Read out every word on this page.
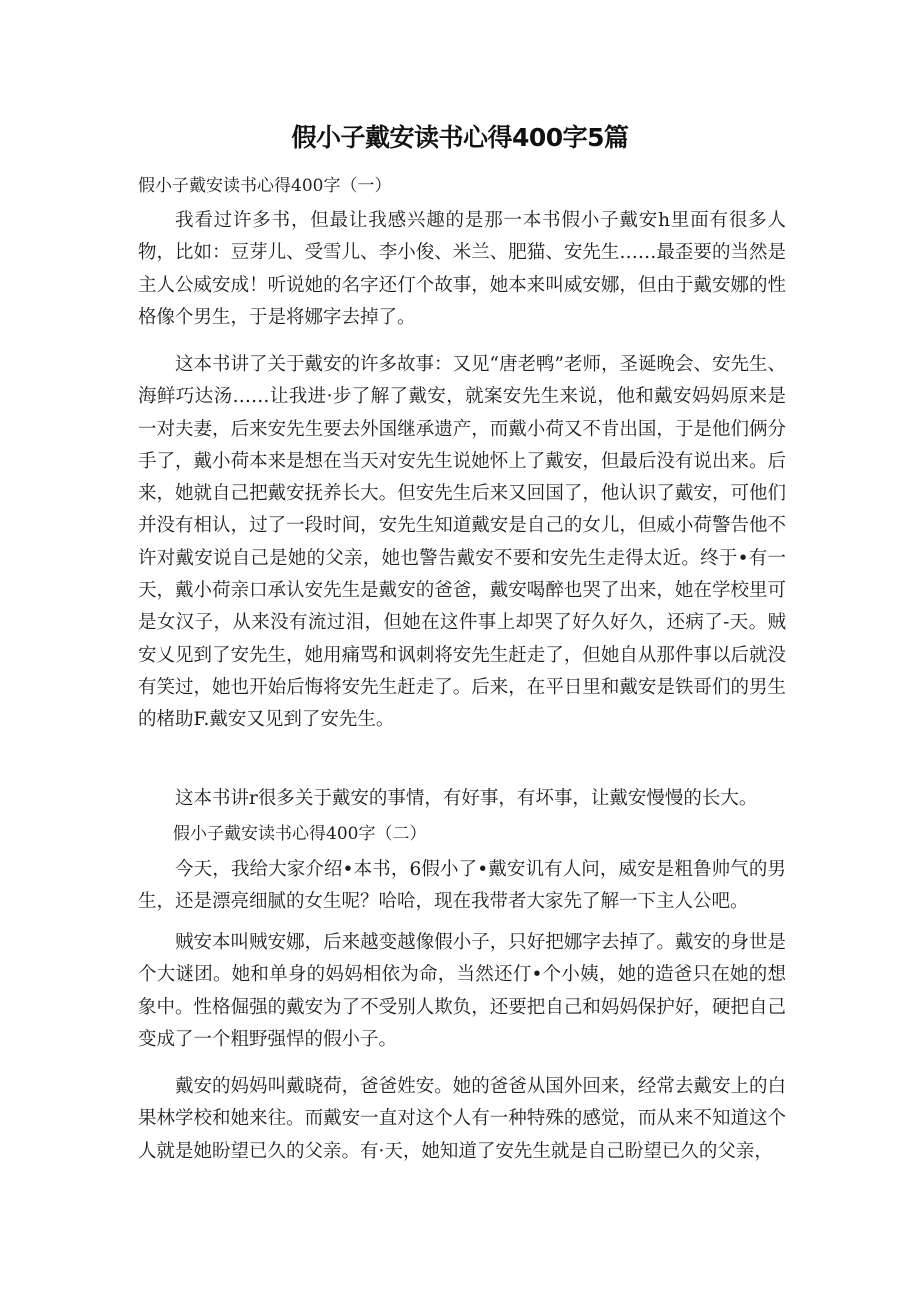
假小子戴安读书心得400字5篇
假小子戴安读书心得400字（一）

我看过许多书，但最让我感兴趣的是那一本书假小子戴安h里面有很多人物，比如：豆芽儿、受雪儿、李小俊、米兰、肥猫、安先生……最歪要的当然是主人公威安成！听说她的名字还仃个故事，她本来叫威安娜，但由于戴安娜的性格像个男生，于是将娜字去掉了。

这本书讲了关于戴安的许多故事：又见“唐老鸭”老师，圣诞晚会、安先生、海鲜巧达汤……让我进·步了解了戴安，就案安先生来说，他和戴安妈妈原来是一对夫妻，后来安先生要去外国继承遗产，而戴小荷又不肯出国，于是他们俩分手了，戴小荷本来是想在当天对安先生说她怀上了戴安，但最后没有说出来。后来，她就自己把戴安抚养长大。但安先生后来又回国了，他认识了戴安，可他们并没有相认，过了一段时间，安先生知道戴安是自己的女儿，但威小荷警告他不许对戴安说自己是她的父亲，她也警告戴安不要和安先生走得太近。终于•有一天，戴小荷亲口承认安先生是戴安的爸爸，戴安喝醉也哭了出来，她在学校里可是女汉子，从来没有流过泪，但她在这件事上却哭了好久好久，还病了-天。贼安乂见到了安先生，她用痛骂和讽刺将安先生赶走了，但她自从那件事以后就没有笑过，她也开始后悔将安先生赶走了。后来，在平日里和戴安是铁哥们的男生的楮助F.戴安又见到了安先生。

这本书讲r很多关于戴安的事情，有好事，有坏事，让戴安慢慢的长大。

假小子戴安读书心得400字（二）

今天，我给大家介绍•本书，6假小了•戴安讥有人问，威安是粗鲁帅气的男生，还是漂亮细腻的女生呢？哈哈，现在我带者大家先了解一下主人公吧。

贼安本叫贼安娜，后来越变越像假小子，只好把娜字去掉了。戴安的身世是个大谜团。她和单身的妈妈相依为命，当然还仃•个小姨，她的造爸只在她的想象中。性格倔强的戴安为了不受别人欺负，还要把自己和妈妈保护好，硬把自己变成了一个粗野强悍的假小子。

戴安的妈妈叫戴晓荷，爸爸姓安。她的爸爸从国外回来，经常去戴安上的白果林学校和她来往。而戴安一直对这个人有一种特殊的感觉，而从来不知道这个人就是她盼望已久的父亲。有·天，她知道了安先生就是自己盼望已久的父亲，
